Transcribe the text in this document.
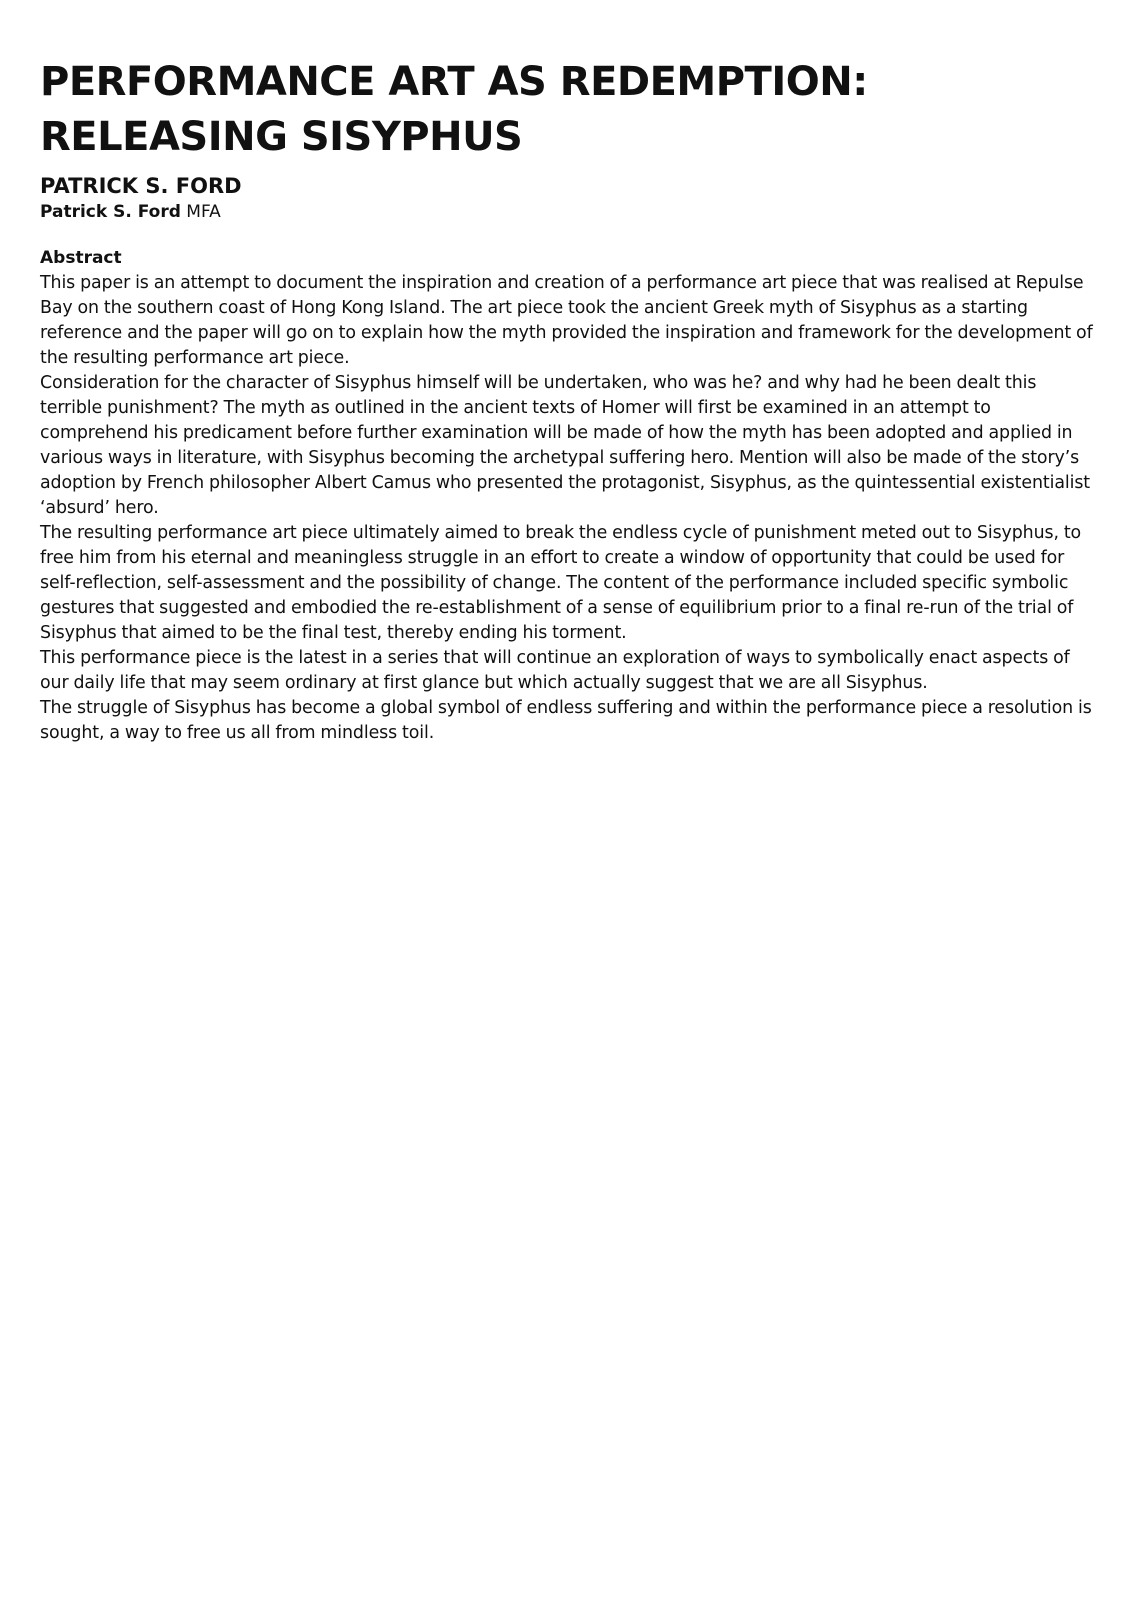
PERFORMANCE ART AS REDEMPTION:
RELEASING SISYPHUS

PATRICK S. FORD

Patrick S. Ford MFA

Abstract

This paper is an attempt to document the inspiration and creation of a performance art piece that was realised at Repulse Bay on the southern coast of Hong Kong Island. The art piece took the ancient Greek myth of Sisyphus as a starting reference and the paper will go on to explain how the myth provided the inspiration and framework for the development of the resulting performance art piece.

Consideration for the character of Sisyphus himself will be undertaken, who was he? and why had he been dealt this terrible punishment? The myth as outlined in the ancient texts of Homer will first be examined in an attempt to comprehend his predicament before further examination will be made of how the myth has been adopted and applied in various ways in literature, with Sisyphus becoming the archetypal suffering hero. Mention will also be made of the story’s adoption by French philosopher Albert Camus who presented the protagonist, Sisyphus, as the quintessential existentialist ‘absurd’ hero.

The resulting performance art piece ultimately aimed to break the endless cycle of punishment meted out to Sisyphus, to free him from his eternal and meaningless struggle in an effort to create a window of opportunity that could be used for self-reflection, self-assessment and the possibility of change. The content of the performance included specific symbolic gestures that suggested and embodied the re-establishment of a sense of equilibrium prior to a final re-run of the trial of Sisyphus that aimed to be the final test, thereby ending his torment.

This performance piece is the latest in a series that will continue an exploration of ways to symbolically enact aspects of our daily life that may seem ordinary at first glance but which actually suggest that we are all Sisyphus.

The struggle of Sisyphus has become a global symbol of endless suffering and within the performance piece a resolution is sought, a way to free us all from mindless toil.
